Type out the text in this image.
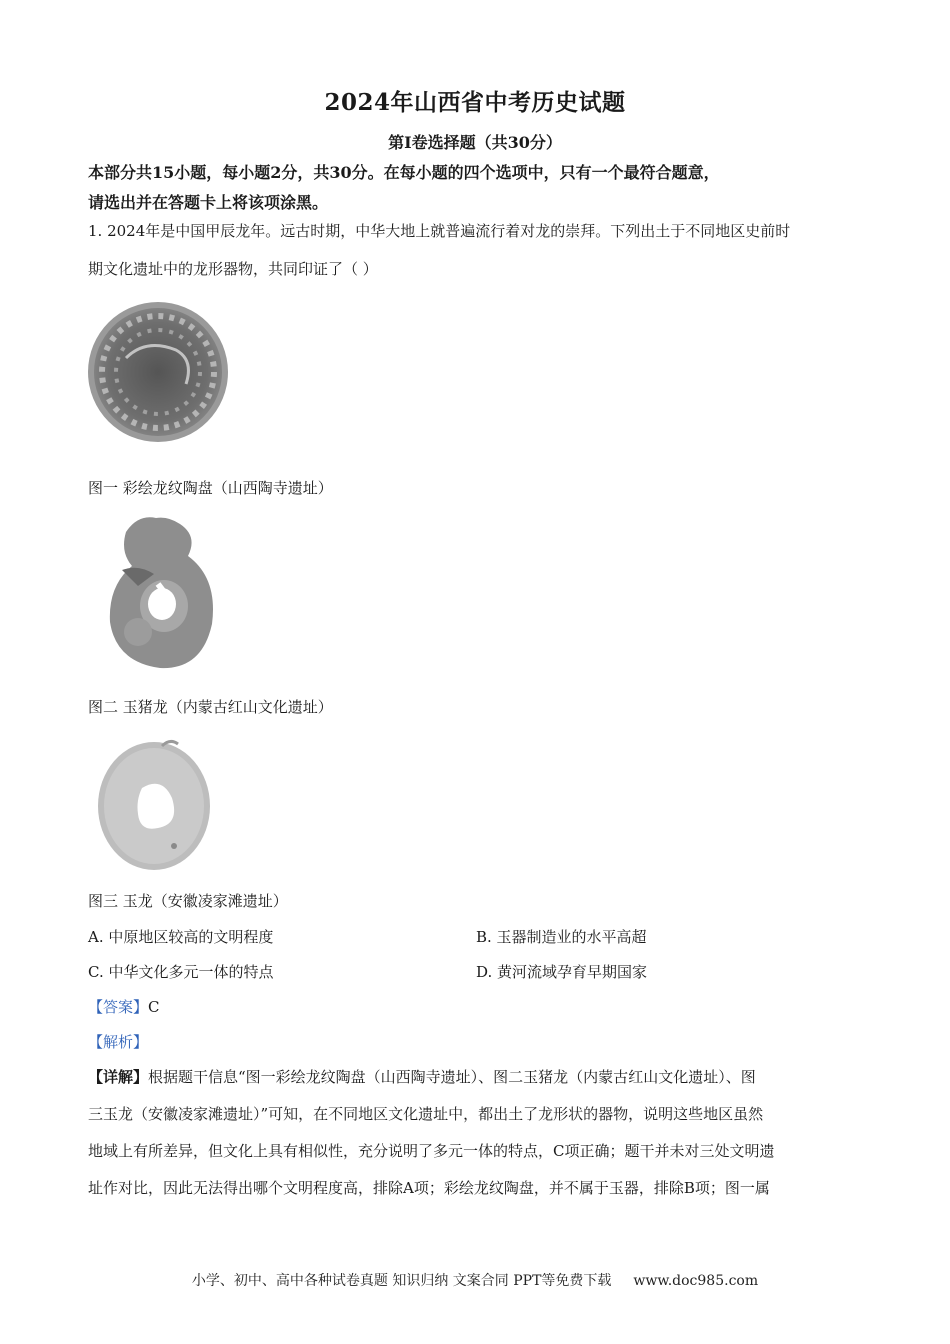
2024年山西省中考历史试题
第Ⅰ卷选择题（共30分）
本部分共15小题，每小题2分，共30分。在每小题的四个选项中，只有一个最符合题意，
请选出并在答题卡上将该项涂黑。
1. 2024年是中国甲辰龙年。远古时期，中华大地上就普遍流行着对龙的崇拜。下列出土于不同地区史前时
期文化遗址中的龙形器物，共同印证了（ ）
图一 彩绘龙纹陶盘（山西陶寺遗址）
图二 玉猪龙（内蒙古红山文化遗址）
图三 玉龙（安徽凌家滩遗址）
A. 中原地区较高的文明程度	B. 玉器制造业的水平高超
C. 中华文化多元一体的特点	D. 黄河流域孕育早期国家
【答案】C
【解析】
【详解】根据题干信息“图一彩绘龙纹陶盘（山西陶寺遗址）、图二玉猪龙（内蒙古红山文化遗址）、图
三玉龙（安徽凌家滩遗址）”可知，在不同地区文化遗址中，都出土了龙形状的器物，说明这些地区虽然
地域上有所差异，但文化上具有相似性，充分说明了多元一体的特点，C项正确；题干并未对三处文明遗
址作对比，因此无法得出哪个文明程度高，排除A项；彩绘龙纹陶盘，并不属于玉器，排除B项；图一属
小学、初中、高中各种试卷真题 知识归纳 文案合同 PPT等免费下载 www.doc985.com
